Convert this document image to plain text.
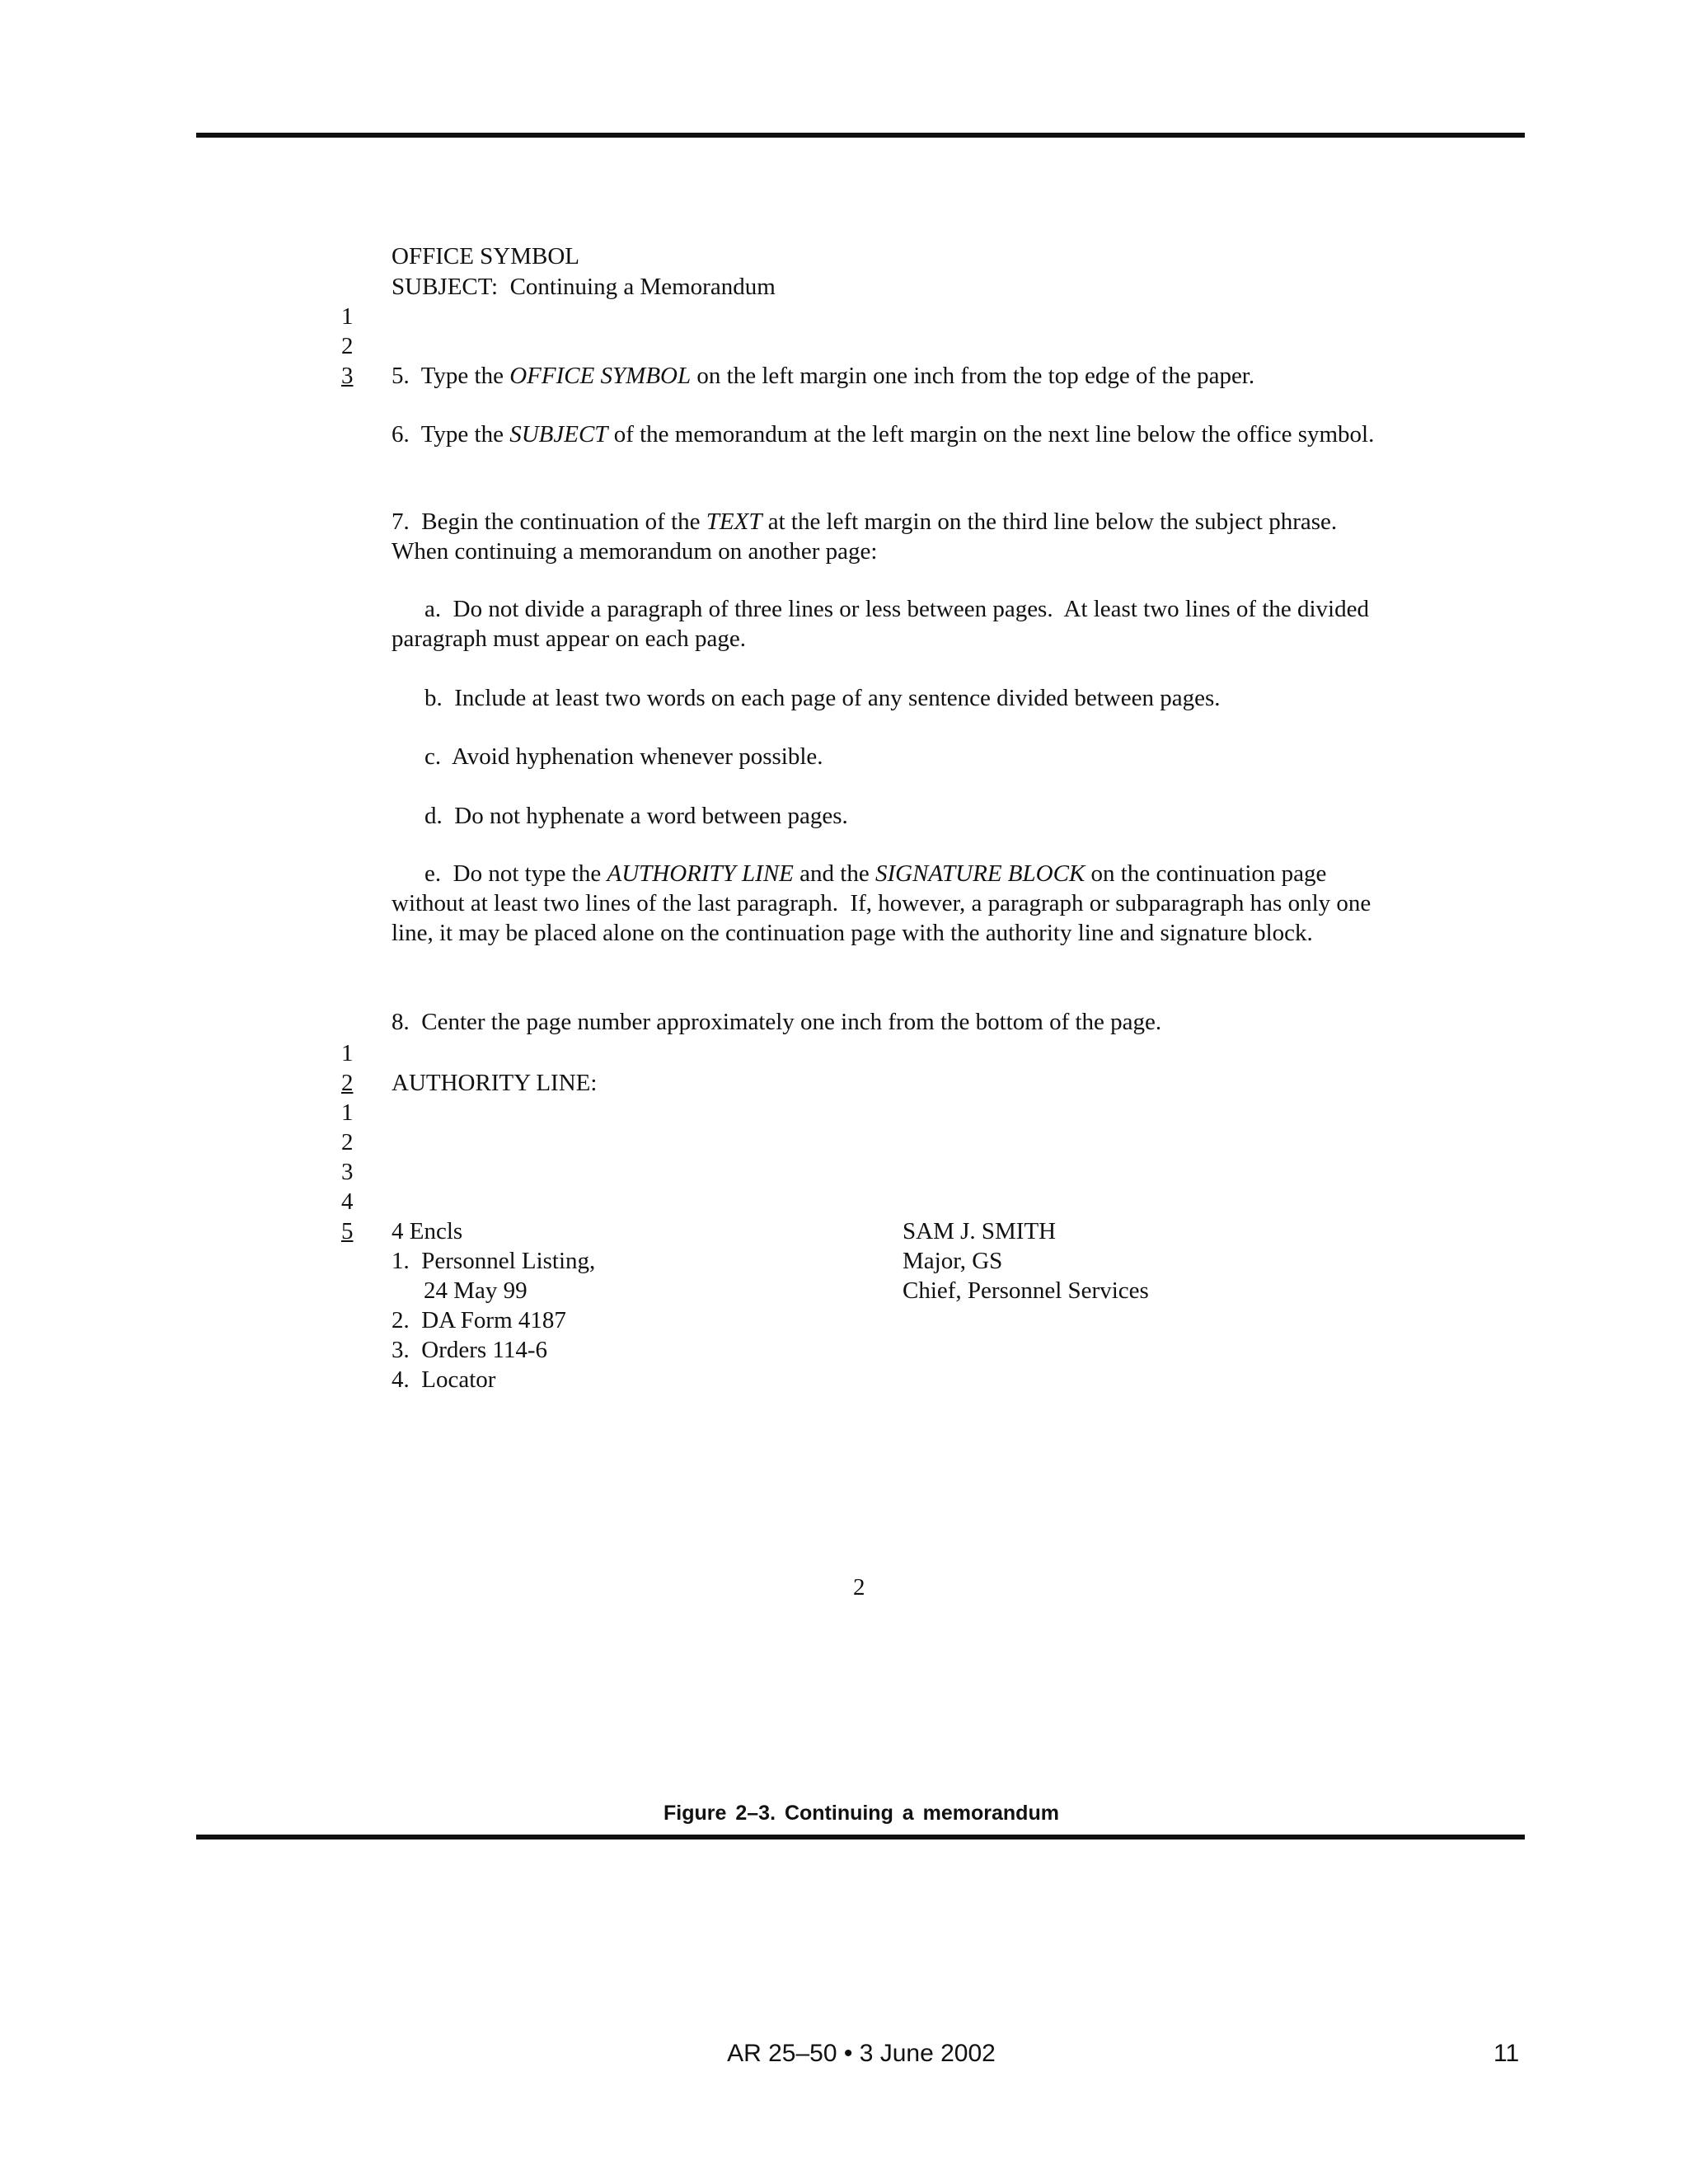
OFFICE SYMBOL
SUBJECT:  Continuing a Memorandum
1
2
3 5.  Type the OFFICE SYMBOL on the left margin one inch from the top edge of the paper.
6.  Type the SUBJECT of the memorandum at the left margin on the next line below the office symbol.
7.  Begin the continuation of the TEXT at the left margin on the third line below the subject phrase.  When continuing a memorandum on another page:
a.  Do not divide a paragraph of three lines or less between pages.  At least two lines of the divided paragraph must appear on each page.
b.  Include at least two words on each page of any sentence divided between pages.
c.  Avoid hyphenation whenever possible.
d.  Do not hyphenate a word between pages.
e.  Do not type the AUTHORITY LINE and the SIGNATURE BLOCK on the continuation page without at least two lines of the last paragraph.  If, however, a paragraph or subparagraph has only one line, it may be placed alone on the continuation page with the authority line and signature block.
8.  Center the page number approximately one inch from the bottom of the page.
1
2 AUTHORITY LINE:
1
2
3
4
5 4 Encls
1.  Personnel Listing,
24 May 99
2.  DA Form 4187
3.  Orders 114-6
4.  Locator
SAM J. SMITH
Major, GS
Chief, Personnel Services
2
Figure 2–3. Continuing a memorandum
AR 25–50 • 3 June 2002	11
